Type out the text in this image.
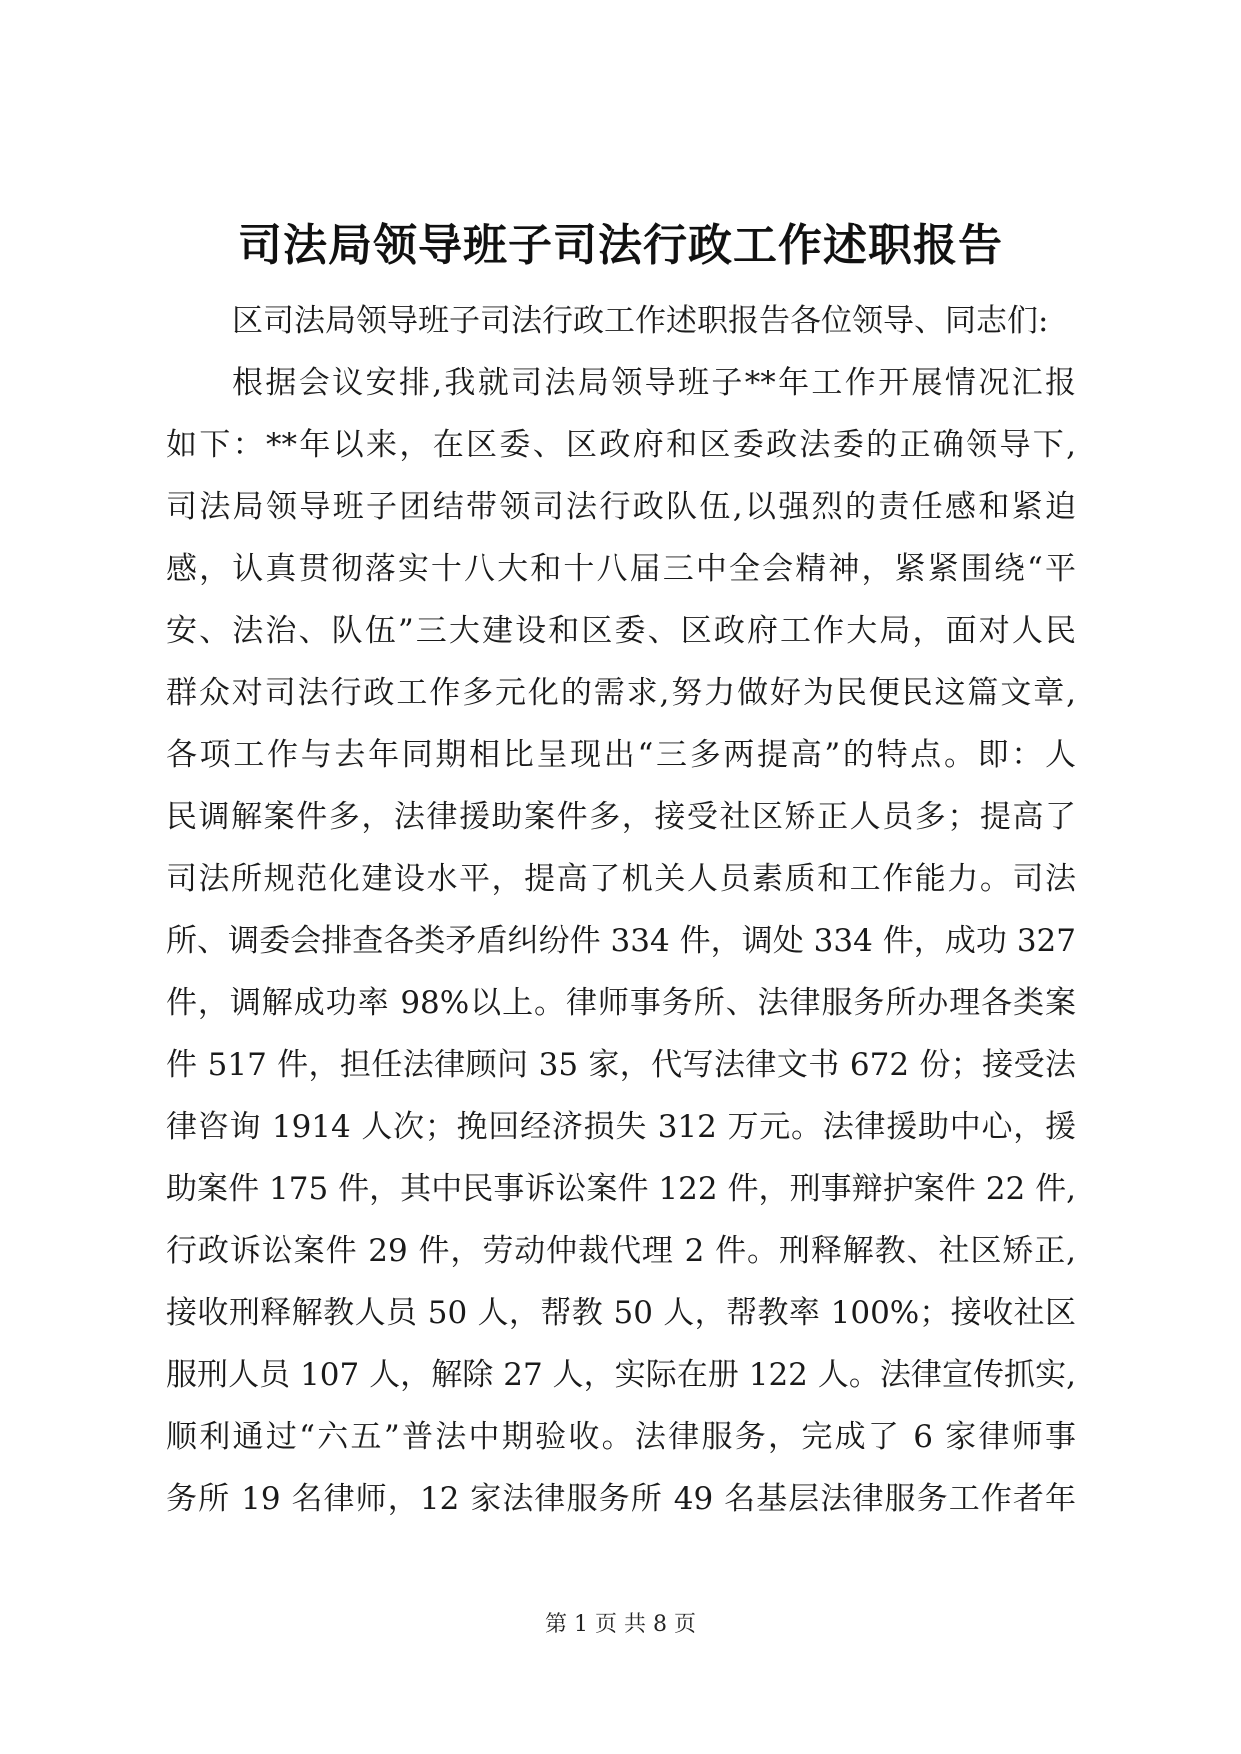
司法局领导班子司法行政工作述职报告
区司法局领导班子司法行政工作述职报告各位领导、同志们:
根据会议安排,我就司法局领导班子**年工作开展情况汇报
如下：**年以来，在区委、区政府和区委政法委的正确领导下,
司法局领导班子团结带领司法行政队伍,以强烈的责任感和紧迫
感，认真贯彻落实十八大和十八届三中全会精神，紧紧围绕“平
安、法治、队伍”三大建设和区委、区政府工作大局，面对人民
群众对司法行政工作多元化的需求,努力做好为民便民这篇文章,
各项工作与去年同期相比呈现出“三多两提高”的特点。即：人
民调解案件多，法律援助案件多，接受社区矫正人员多；提高了
司法所规范化建设水平，提高了机关人员素质和工作能力。司法
所、调委会排查各类矛盾纠纷件 334 件，调处 334 件，成功 327
件，调解成功率 98%以上。律师事务所、法律服务所办理各类案
件 517 件，担任法律顾问 35 家，代写法律文书 672 份；接受法
律咨询 1914 人次；挽回经济损失 312 万元。法律援助中心，援
助案件 175 件，其中民事诉讼案件 122 件，刑事辩护案件 22 件,
行政诉讼案件 29 件，劳动仲裁代理 2 件。刑释解教、社区矫正,
接收刑释解教人员 50 人，帮教 50 人，帮教率 100%；接收社区
服刑人员 107 人，解除 27 人，实际在册 122 人。法律宣传抓实,
顺利通过“六五”普法中期验收。法律服务，完成了 6 家律师事
务所 19 名律师，12 家法律服务所 49 名基层法律服务工作者年
第 1 页 共 8 页
